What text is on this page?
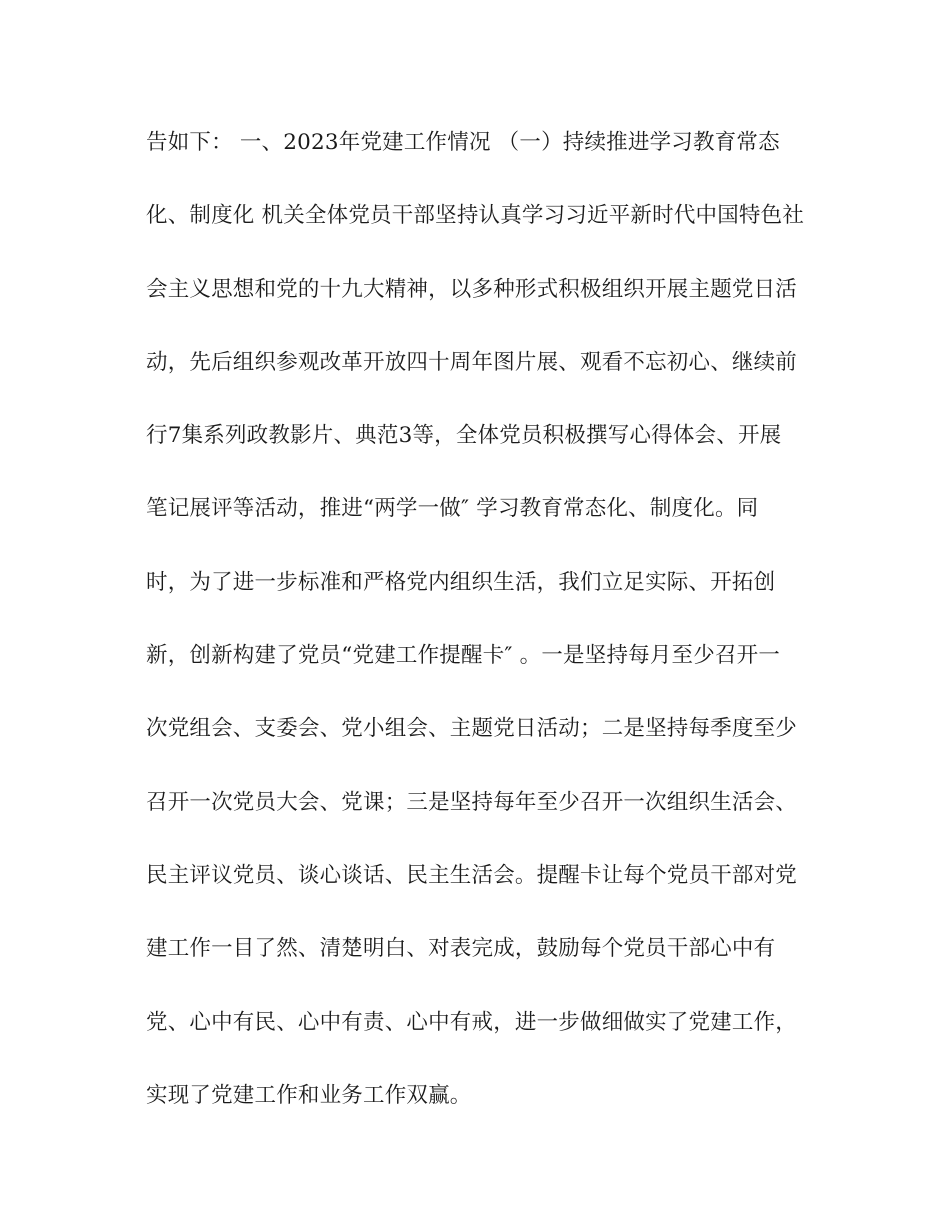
告如下： 一、2023年党建工作情况 （一）持续推进学习教育常态
化、制度化 机关全体党员干部坚持认真学习习近平新时代中国特色社
会主义思想和党的十九大精神，以多种形式积极组织开展主题党日活
动，先后组织参观改革开放四十周年图片展、观看不忘初心、继续前
行7集系列政教影片、典范3等，全体党员积极撰写心得体会、开展
笔记展评等活动，推进“两学一做″ 学习教育常态化、制度化。同
时，为了进一步标准和严格党内组织生活，我们立足实际、开拓创
新，创新构建了党员“党建工作提醒卡″ 。一是坚持每月至少召开一
次党组会、支委会、党小组会、主题党日活动；二是坚持每季度至少
召开一次党员大会、党课；三是坚持每年至少召开一次组织生活会、
民主评议党员、谈心谈话、民主生活会。提醒卡让每个党员干部对党
建工作一目了然、清楚明白、对表完成，鼓励每个党员干部心中有
党、心中有民、心中有责、心中有戒，进一步做细做实了党建工作，
实现了党建工作和业务工作双赢。
